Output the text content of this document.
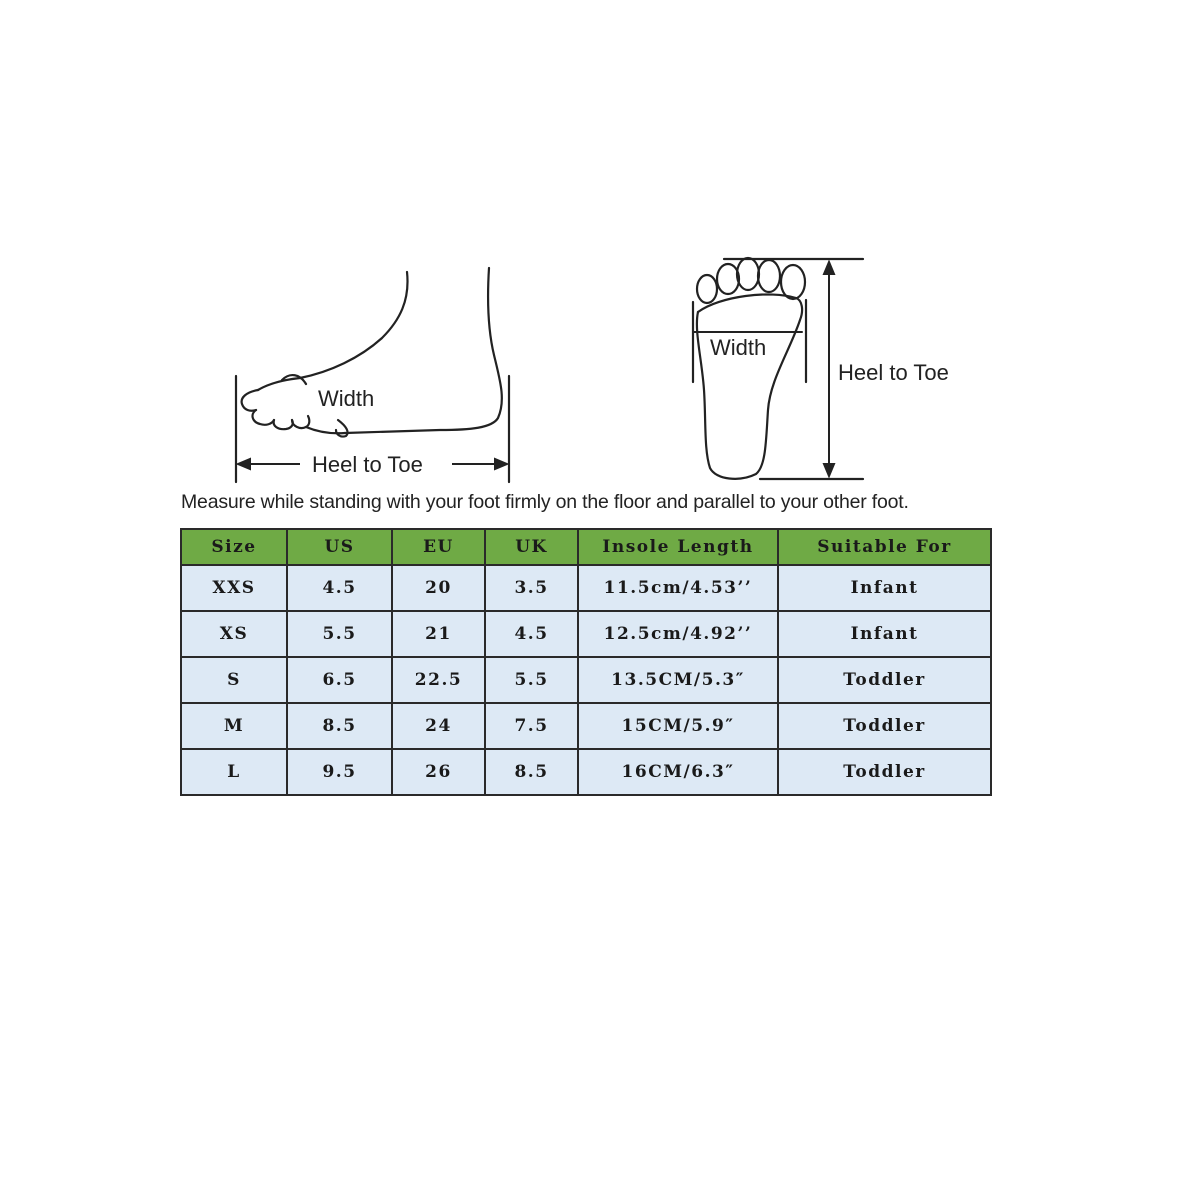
Width
Heel to Toe
Width
Heel to Toe
Measure while standing with your foot firmly on the floor and parallel to your other foot.
Size	US	EU	UK	Insole Length	Suitable For
XXS	4.5	20	3.5	11.5cm/4.53’’	Infant
XS	5.5	21	4.5	12.5cm/4.92’’	Infant
S	6.5	22.5	5.5	13.5CM/5.3″	Toddler
M	8.5	24	7.5	15CM/5.9″	Toddler
L	9.5	26	8.5	16CM/6.3″	Toddler
